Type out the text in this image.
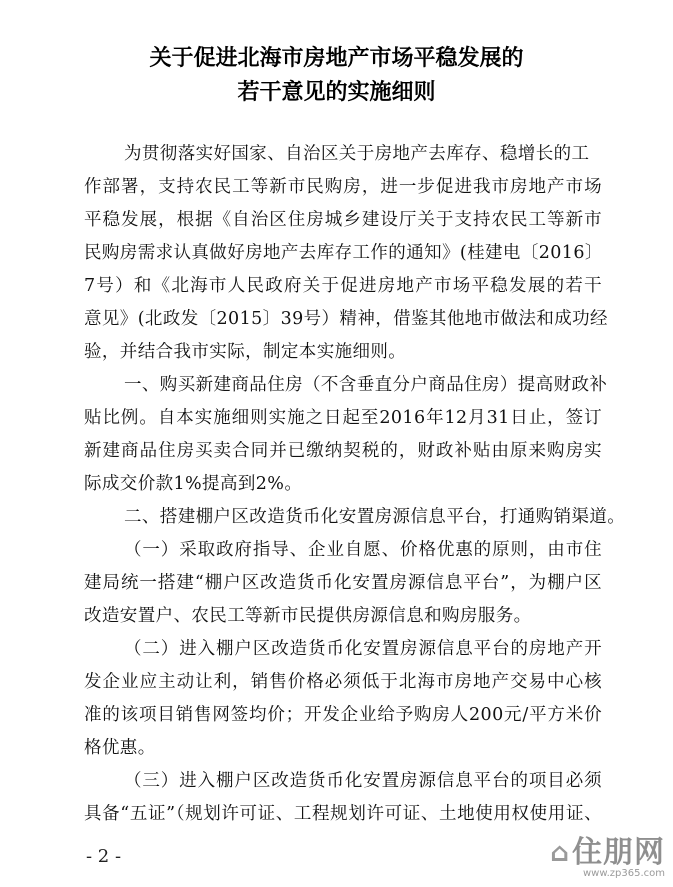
关于促进北海市房地产市场平稳发展的
若干意见的实施细则
为贯彻落实好国家、自治区关于房地产去库存、稳增长的工
作部署，支持农民工等新市民购房，进一步促进我市房地产市场
平稳发展，根据《自治区住房城乡建设厅关于支持农民工等新市
民购房需求认真做好房地产去库存工作的通知》(桂建电〔2016〕
7号）和《北海市人民政府关于促进房地产市场平稳发展的若干
意见》(北政发〔2015〕39号）精神，借鉴其他地市做法和成功经
验，并结合我市实际，制定本实施细则。
一、购买新建商品住房（不含垂直分户商品住房）提高财政补
贴比例。自本实施细则实施之日起至2016年12月31日止，签订
新建商品住房买卖合同并已缴纳契税的，财政补贴由原来购房实
际成交价款1%提高到2%。
二、搭建棚户区改造货币化安置房源信息平台，打通购销渠道。
（一）采取政府指导、企业自愿、价格优惠的原则，由市住
建局统一搭建“棚户区改造货币化安置房源信息平台”，为棚户区
改造安置户、农民工等新市民提供房源信息和购房服务。
（二）进入棚户区改造货币化安置房源信息平台的房地产开
发企业应主动让利，销售价格必须低于北海市房地产交易中心核
准的该项目销售网签均价；开发企业给予购房人200元/平方米价
格优惠。
（三）进入棚户区改造货币化安置房源信息平台的项目必须
具备“五证”（规划许可证、工程规划许可证、土地使用权使用证、
- 2 -	⌂住朋网
www.zp365.com
